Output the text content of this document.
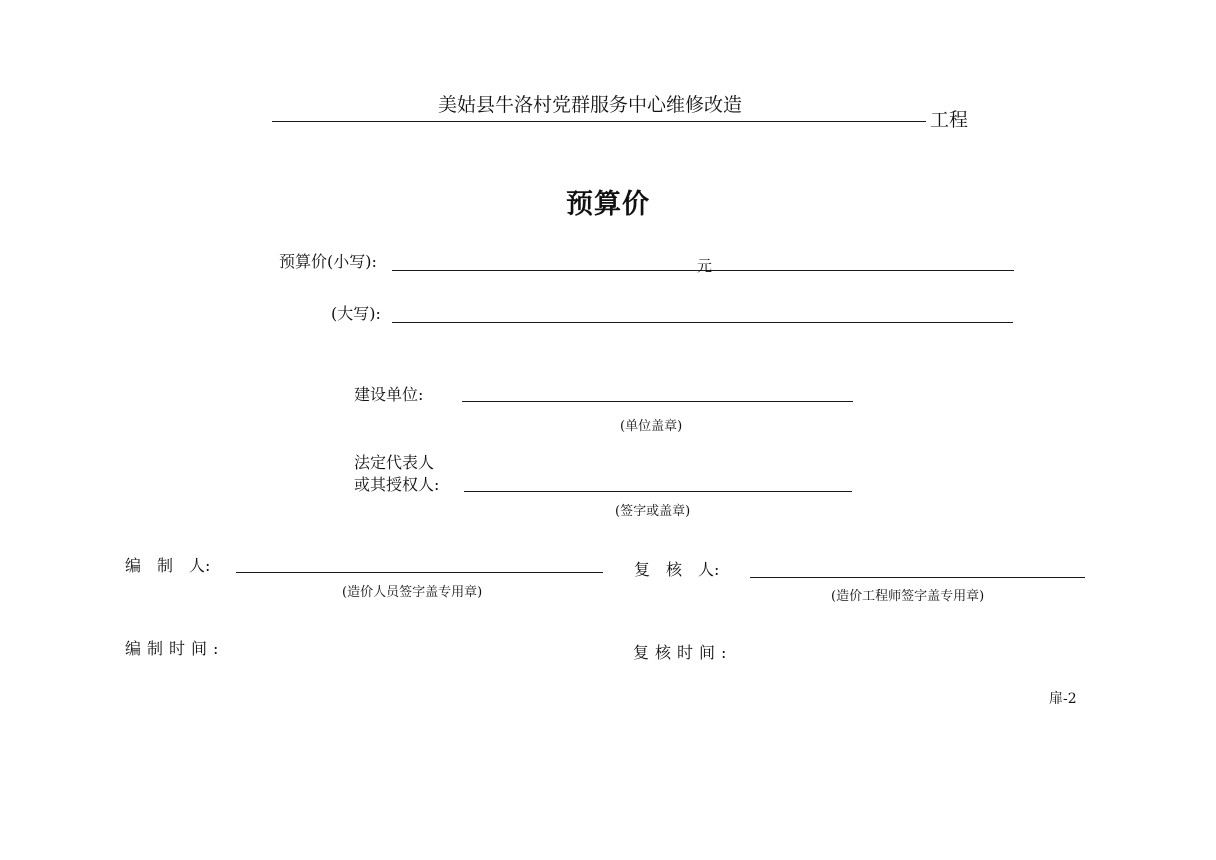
美姑县牛洛村党群服务中心维修改造
工程
预算价
预算价(小写):	元
(大写):
建设单位:
(单位盖章)
法定代表人
或其授权人:
(签字或盖章)
编　制　人:
(造价人员签字盖专用章)
复　核　人:
(造价工程师签字盖专用章)
编制时间:	复核时间:
扉-2
